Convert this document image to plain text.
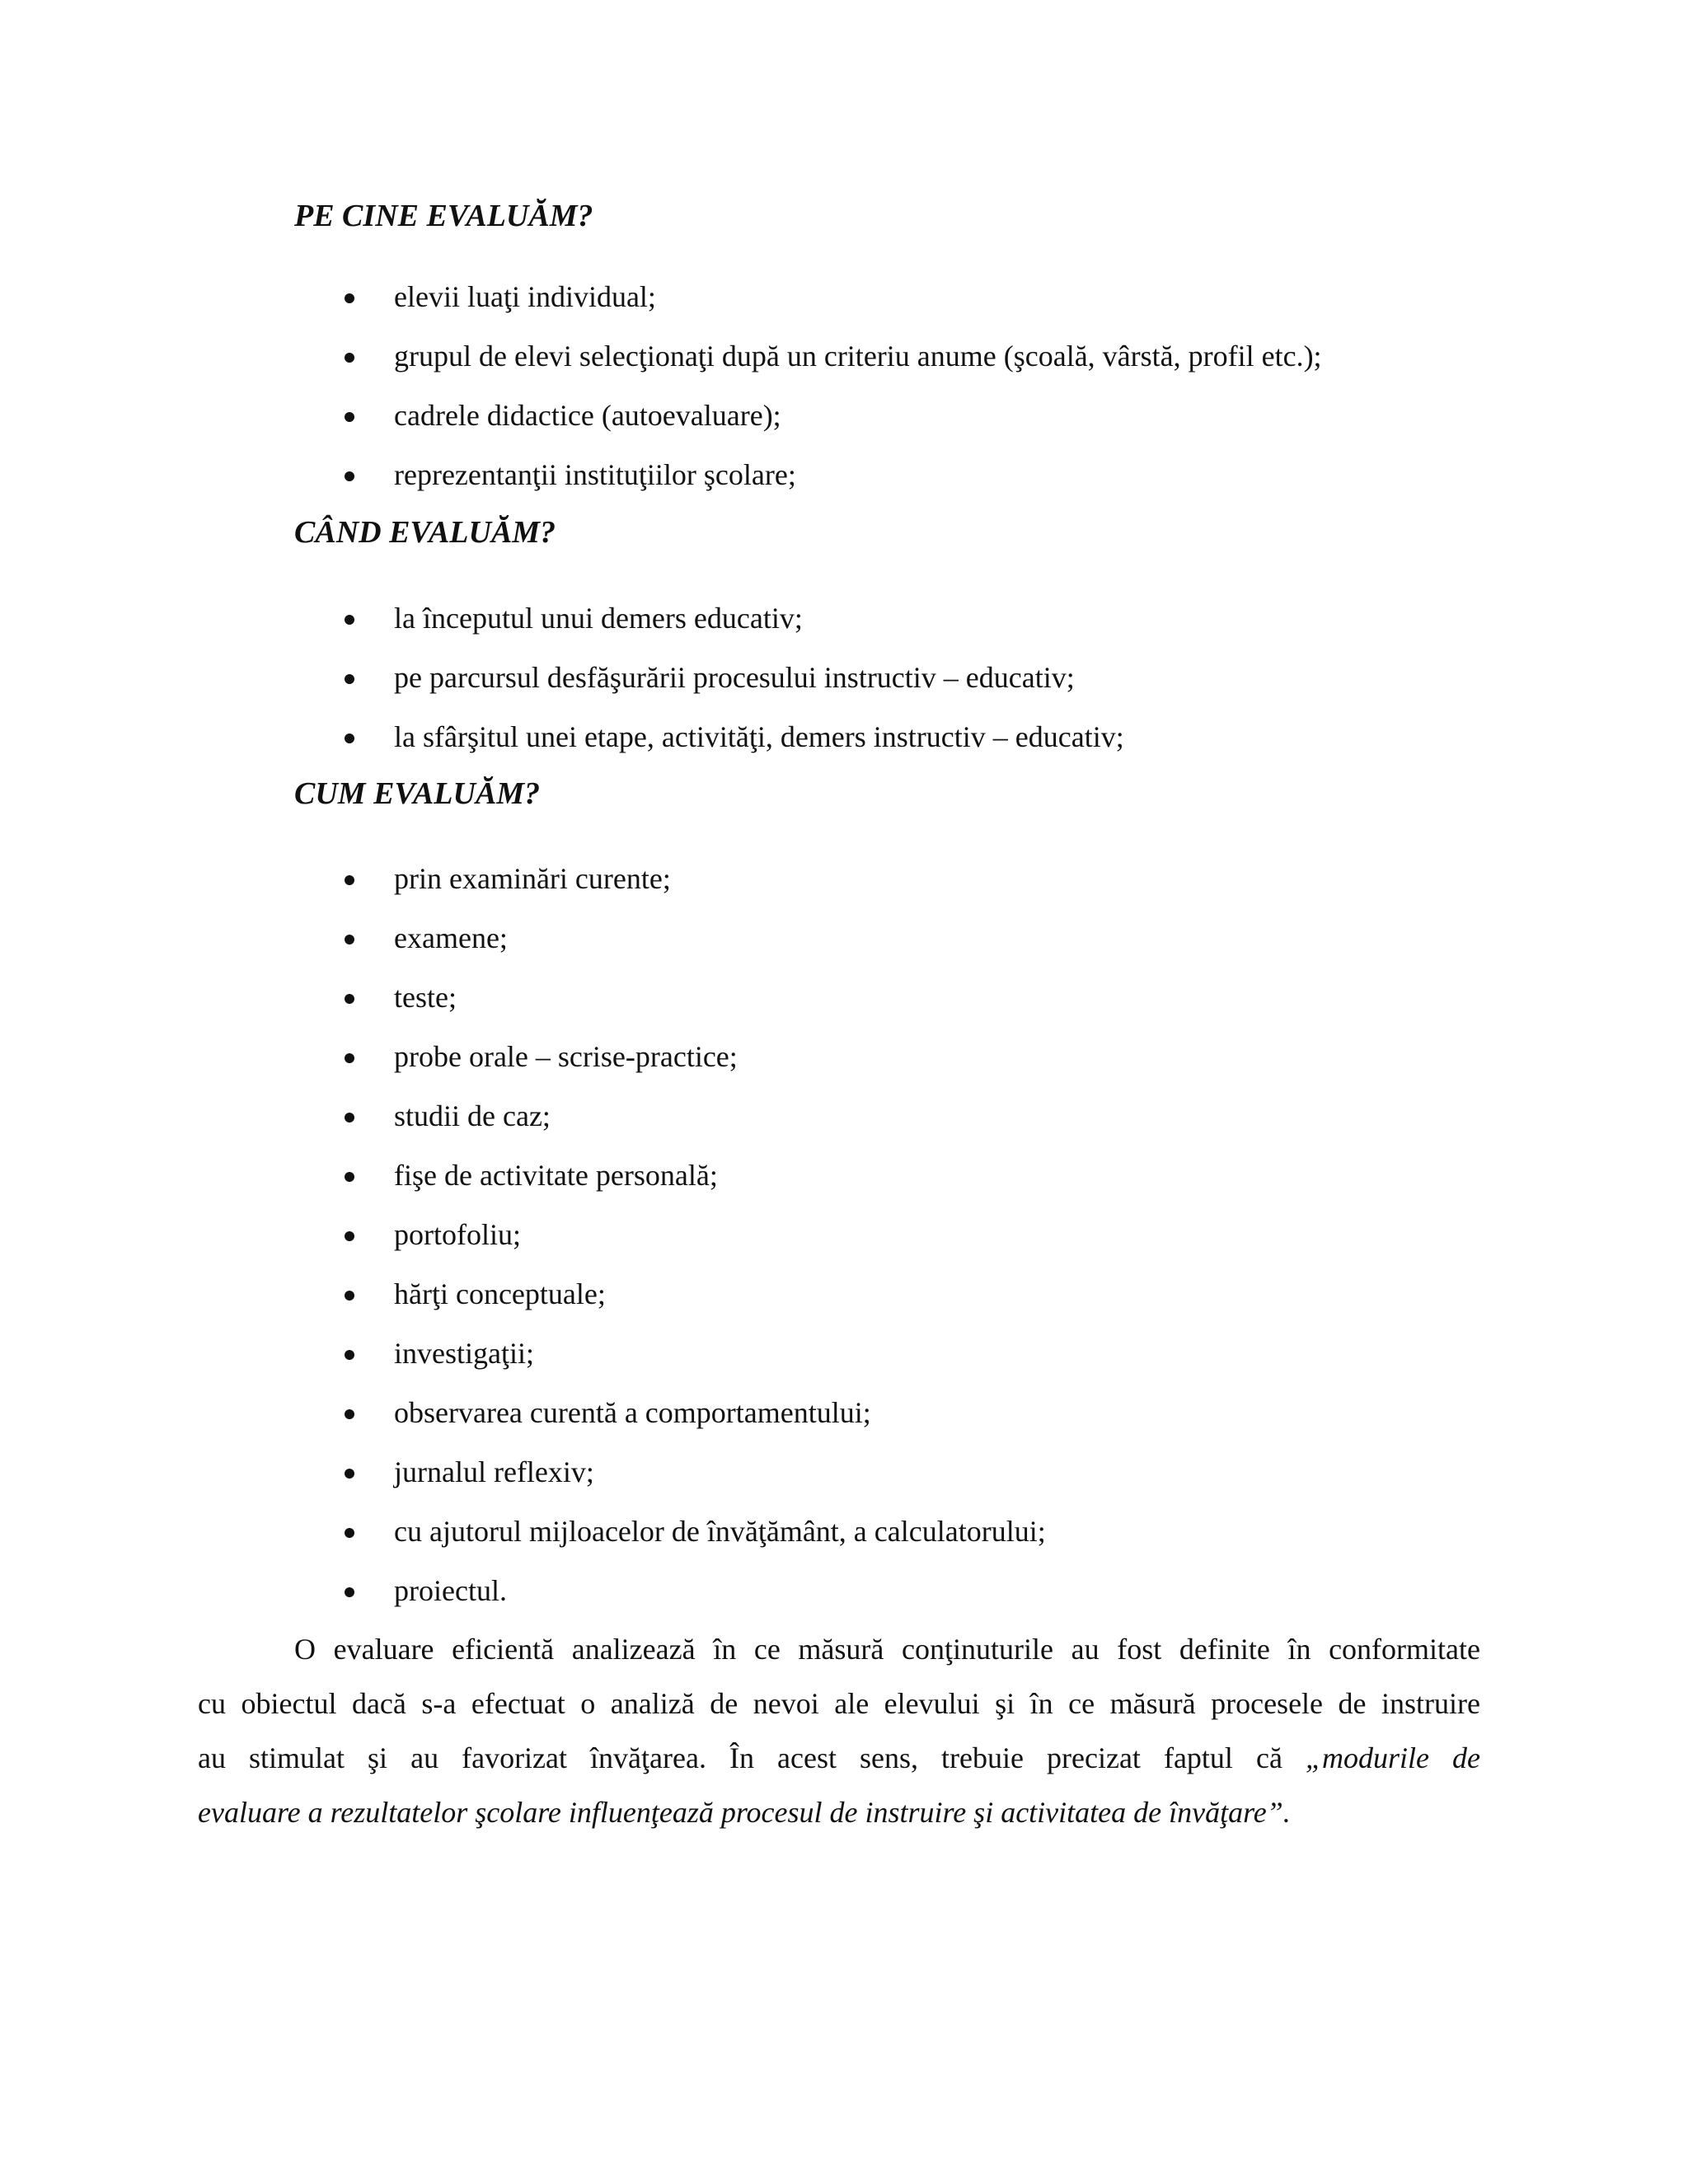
PE CINE EVALUĂM?
elevii luaţi individual;
grupul de elevi selecţionaţi după un criteriu anume (şcoală, vârstă, profil etc.);
cadrele didactice (autoevaluare);
reprezentanţii instituţiilor şcolare;
CÂND EVALUĂM?
la începutul unui demers educativ;
pe parcursul desfăşurării procesului instructiv – educativ;
la sfârşitul unei etape, activităţi, demers instructiv – educativ;
CUM EVALUĂM?
prin examinări curente;
examene;
teste;
probe orale – scrise-practice;
studii de caz;
fişe de activitate personală;
portofoliu;
hărţi conceptuale;
investigaţii;
observarea curentă a comportamentului;
jurnalul reflexiv;
cu ajutorul mijloacelor de învăţământ, a calculatorului;
proiectul.
O evaluare eficientă analizează în ce măsură conţinuturile au fost definite în conformitate
cu obiectul dacă s-a efectuat o analiză de nevoi ale elevului şi în ce măsură procesele de instruire
au stimulat şi au favorizat învăţarea. În acest sens, trebuie precizat faptul că „modurile de
evaluare a rezultatelor şcolare influenţează procesul de instruire şi activitatea de învăţare”.
